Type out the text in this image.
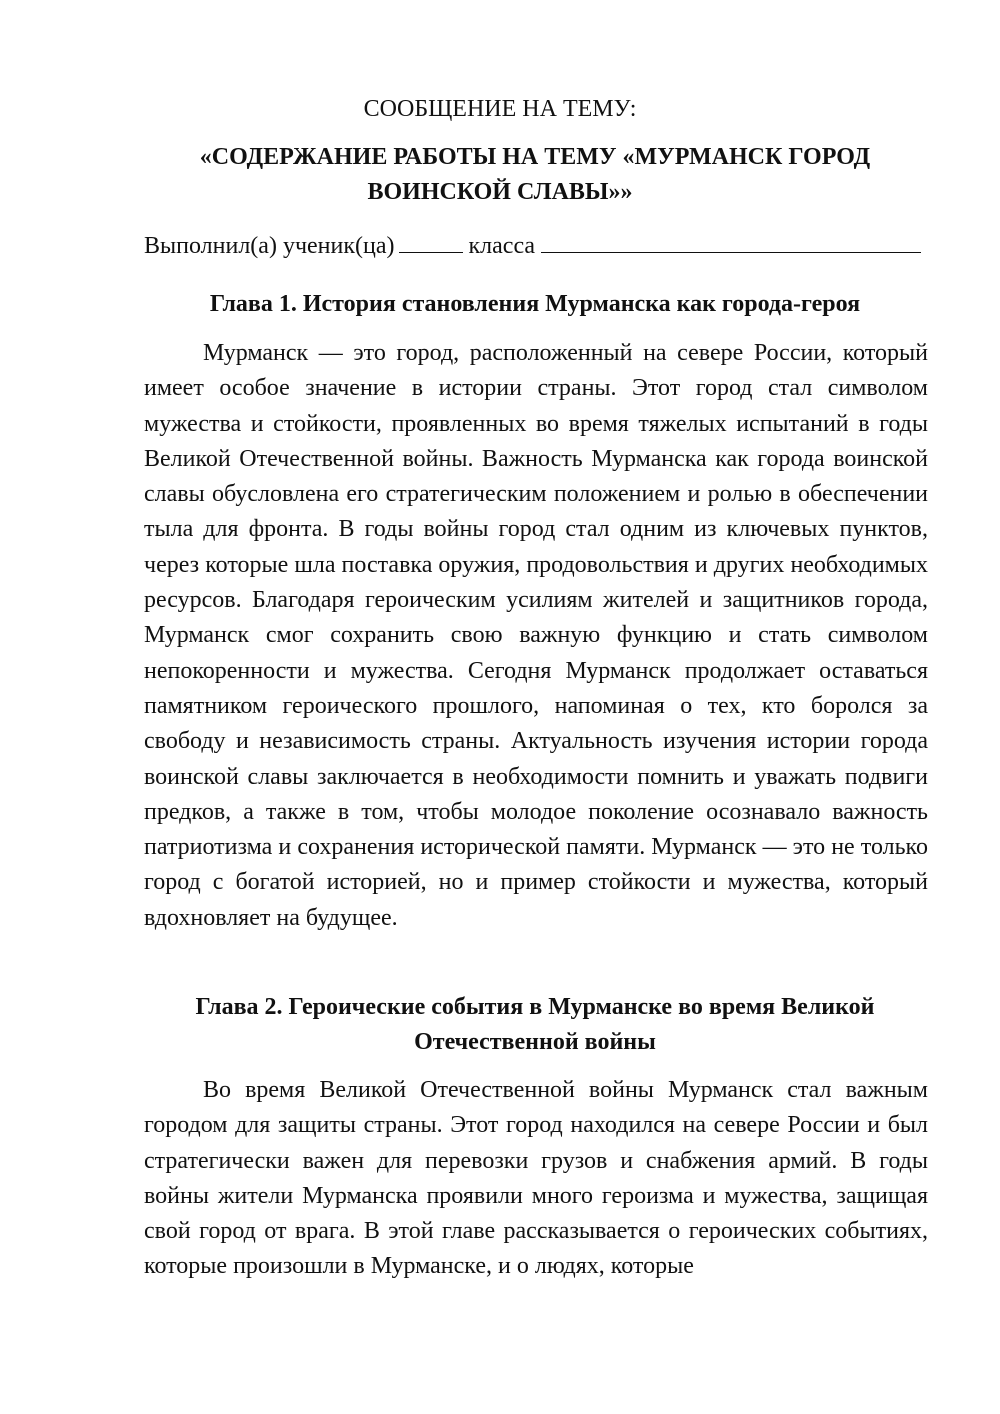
СООБЩЕНИЕ НА ТЕМУ:
«СОДЕРЖАНИЕ РАБОТЫ НА ТЕМУ «МУРМАНСК ГОРОД
ВОИНСКОЙ СЛАВЫ»»
Выполнил(а) ученик(ца)	класса
Глава 1. История становления Мурманска как города-героя

Мурманск — это город, расположенный на севере России, который имеет особое значение в истории страны. Этот город стал символом мужества и стойкости, проявленных во время тяжелых испытаний в годы Великой Отечественной войны. Важность Мурманска как города воинской славы обусловлена его стратегическим положением и ролью в обеспечении тыла для фронта. В годы войны город стал одним из ключевых пунктов, через которые шла поставка оружия, продовольствия и других необходимых ресурсов. Благодаря героическим усилиям жителей и защитников города, Мурманск смог сохранить свою важную функцию и стать символом непокоренности и мужества. Сегодня Мурманск продолжает оставаться памятником героического прошлого, напоминая о тех, кто боролся за свободу и независимость страны. Актуальность изучения истории города воинской славы заключается в необходимости помнить и уважать подвиги предков, а также в том, чтобы молодое поколение осознавало важность патриотизма и сохранения исторической памяти. Мурманск — это не только город с богатой историей, но и пример стойкости и мужества, который вдохновляет на будущее.

Глава 2. Героические события в Мурманске во время Великой Отечественной войны

Во время Великой Отечественной войны Мурманск стал важным городом для защиты страны. Этот город находился на севере России и был стратегически важен для перевозки грузов и снабжения армий. В годы войны жители Мурманска проявили много героизма и мужества, защищая свой город от врага. В этой главе рассказывается о героических событиях, которые произошли в Мурманске, и о людях, которые
